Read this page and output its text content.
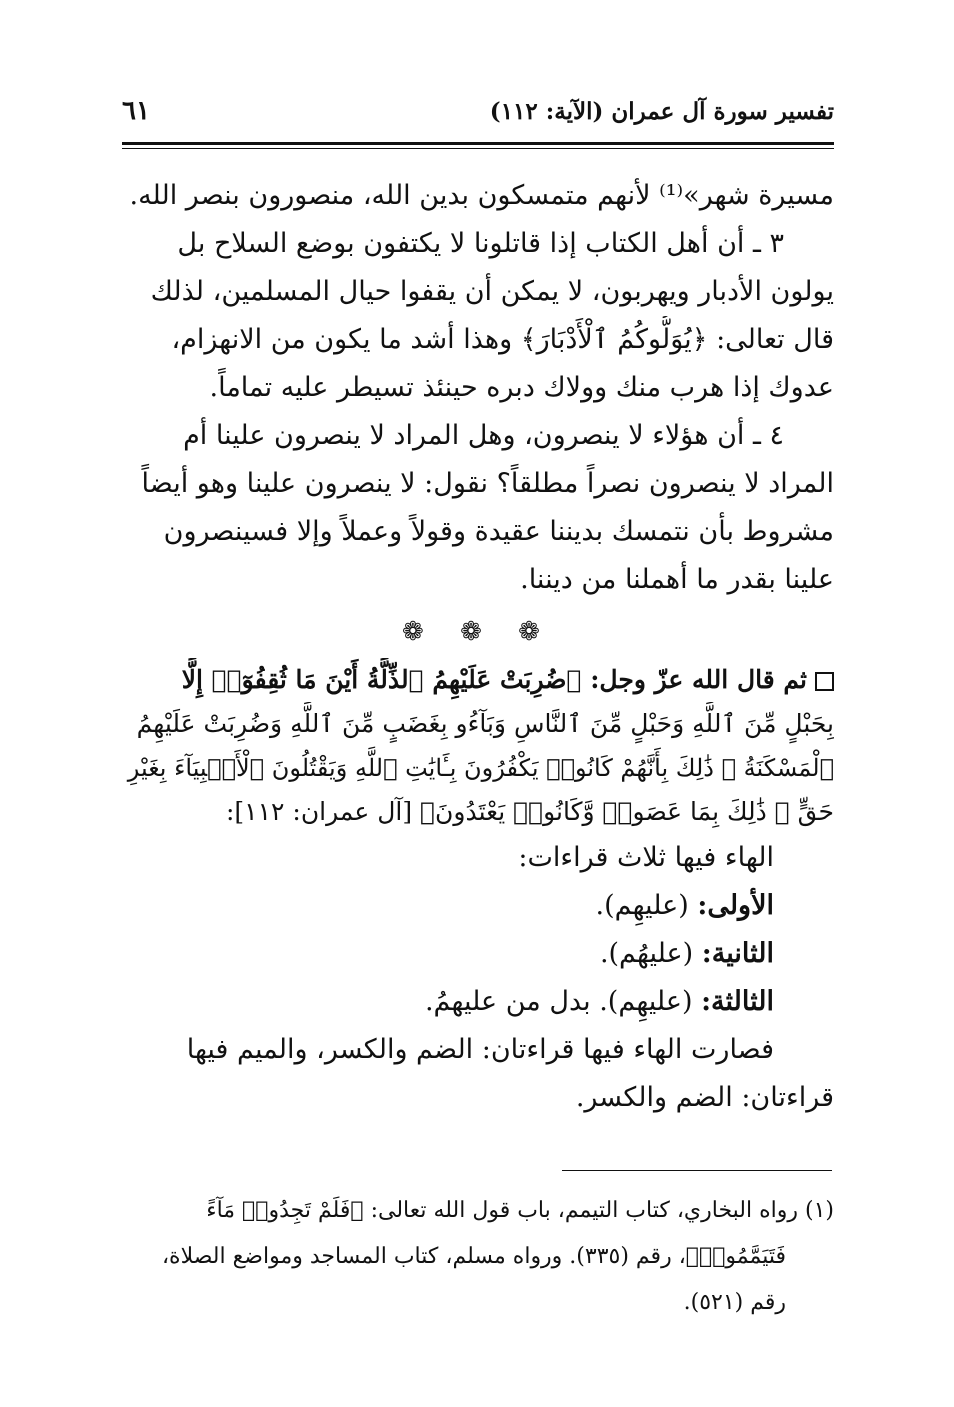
تفسير سورة آل عمران (الآية: ١١٢)
٦١
مسيرة شهر»⁽¹⁾ لأنهم متمسكون بدين الله، منصورون بنصر الله.
٣ ـ أن أهل الكتاب إذا قاتلونا لا يكتفون بوضع السلاح بل
يولون الأدبار ويهربون، لا يمكن أن يقفوا حيال المسلمين، لذلك
قال تعالى: ﴿يُوَلُّوكُمُ ٱلْأَدْبَارَ﴾ وهذا أشد ما يكون من الانهزام،
عدوك إذا هرب منك وولاك دبره حينئذ تسيطر عليه تماماً.
٤ ـ أن هؤلاء لا ينصرون، وهل المراد لا ينصرون علينا أم
المراد لا ينصرون نصراً مطلقاً؟ نقول: لا ينصرون علينا وهو أيضاً
مشروط بأن نتمسك بديننا عقيدة وقولاً وعملاً وإلا فسينصرون
علينا بقدر ما أهملنا من ديننا.
❁ ❁ ❁
ثم قال الله عزّ وجل: ﴿ضُرِبَتْ عَلَيْهِمُ ٱلذِّلَّةُ أَيْنَ مَا ثُقِفُوٓا۟ إِلَّا
بِحَبْلٍ مِّنَ ٱللَّهِ وَحَبْلٍ مِّنَ ٱلنَّاسِ وَبَآءُو بِغَضَبٍ مِّنَ ٱللَّهِ وَضُرِبَتْ عَلَيْهِمُ
ٱلْمَسْكَنَةُ ۚ ذَٰلِكَ بِأَنَّهُمْ كَانُوا۟ يَكْفُرُونَ بِـَٔايَٰتِ ٱللَّهِ وَيَقْتُلُونَ ٱلْأَنۢبِيَآءَ بِغَيْرِ
حَقٍّ ۚ ذَٰلِكَ بِمَا عَصَوا۟ وَّكَانُوا۟ يَعْتَدُونَ﴾ [آل عمران: ١١٢]:
الهاء فيها ثلاث قراءات:
الأولى: (عليهِم).
الثانية: (عليهُم).
الثالثة: (عليهِم). بدل من عليهمُ.
فصارت الهاء فيها قراءتان: الضم والكسر، والميم فيها
قراءتان: الضم والكسر.
(١) رواه البخاري، كتاب التيمم، باب قول الله تعالى: ﴿فَلَمْ تَجِدُوا۟ مَآءً
فَتَيَمَّمُوا۟﴾، رقم (٣٣٥). ورواه مسلم، كتاب المساجد ومواضع الصلاة،
رقم (٥٢١).
